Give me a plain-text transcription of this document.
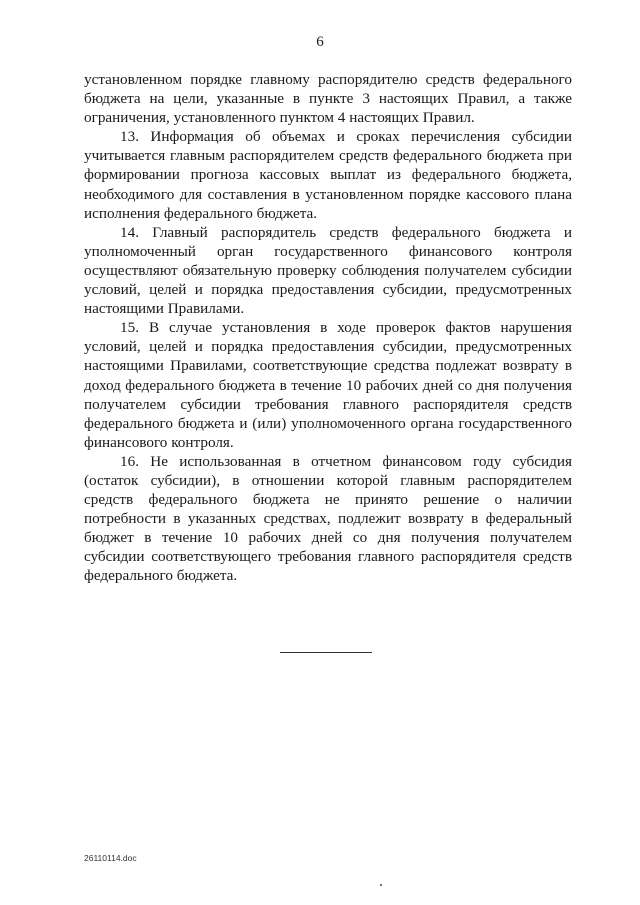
6

установленном порядке главному распорядителю средств федерального бюджета на цели, указанные в пункте 3 настоящих Правил, а также ограничения, установленного пунктом 4 настоящих Правил.

13. Информация об объемах и сроках перечисления субсидии учитывается главным распорядителем средств федерального бюджета при формировании прогноза кассовых выплат из федерального бюджета, необходимого для составления в установленном порядке кассового плана исполнения федерального бюджета.

14. Главный распорядитель средств федерального бюджета и уполномоченный орган государственного финансового контроля осуществляют обязательную проверку соблюдения получателем субсидии условий, целей и порядка предоставления субсидии, предусмотренных настоящими Правилами.

15. В случае установления в ходе проверок фактов нарушения условий, целей и порядка предоставления субсидии, предусмотренных настоящими Правилами, соответствующие средства подлежат возврату в доход федерального бюджета в течение 10 рабочих дней со дня получения получателем субсидии требования главного распорядителя средств федерального бюджета и (или) уполномоченного органа государственного финансового контроля.

16. Не использованная в отчетном финансовом году субсидия (остаток субсидии), в отношении которой главным распорядителем средств федерального бюджета не принято решение о наличии потребности в указанных средствах, подлежит возврату в федеральный бюджет в течение 10 рабочих дней со дня получения получателем субсидии соответствующего требования главного распорядителя средств федерального бюджета.

26110114.doc
